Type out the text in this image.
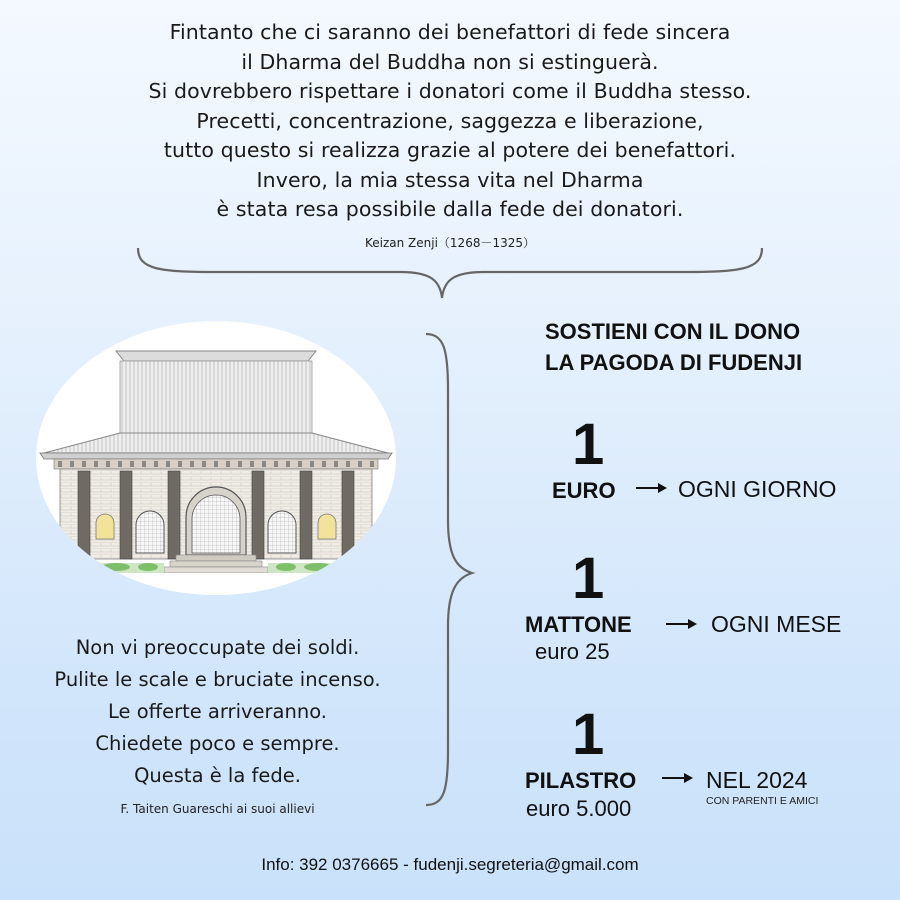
Fintanto che ci saranno dei benefattori di fede sincera
il Dharma del Buddha non si estinguerà.
Si dovrebbero rispettare i donatori come il Buddha stesso.
Precetti, concentrazione, saggezza e liberazione,
tutto questo si realizza grazie al potere dei benefattori.
Invero, la mia stessa vita nel Dharma
è stata resa possibile dalla fede dei donatori.
Keizan Zenji（1268－1325）
Non vi preoccupate dei soldi.
Pulite le scale e bruciate incenso.
Le offerte arriveranno.
Chiedete poco e sempre.
Questa è la fede.
F. Taiten Guareschi ai suoi allievi
SOSTIENI CON IL DONO
LA PAGODA DI FUDENJI
1
EURO	OGNI GIORNO
1
MATTONE
euro 25
OGNI MESE
1
PILASTRO
euro 5.000
NEL 2024
CON PARENTI E AMICI
Info: 392 0376665 - fudenji.segreteria@gmail.com
